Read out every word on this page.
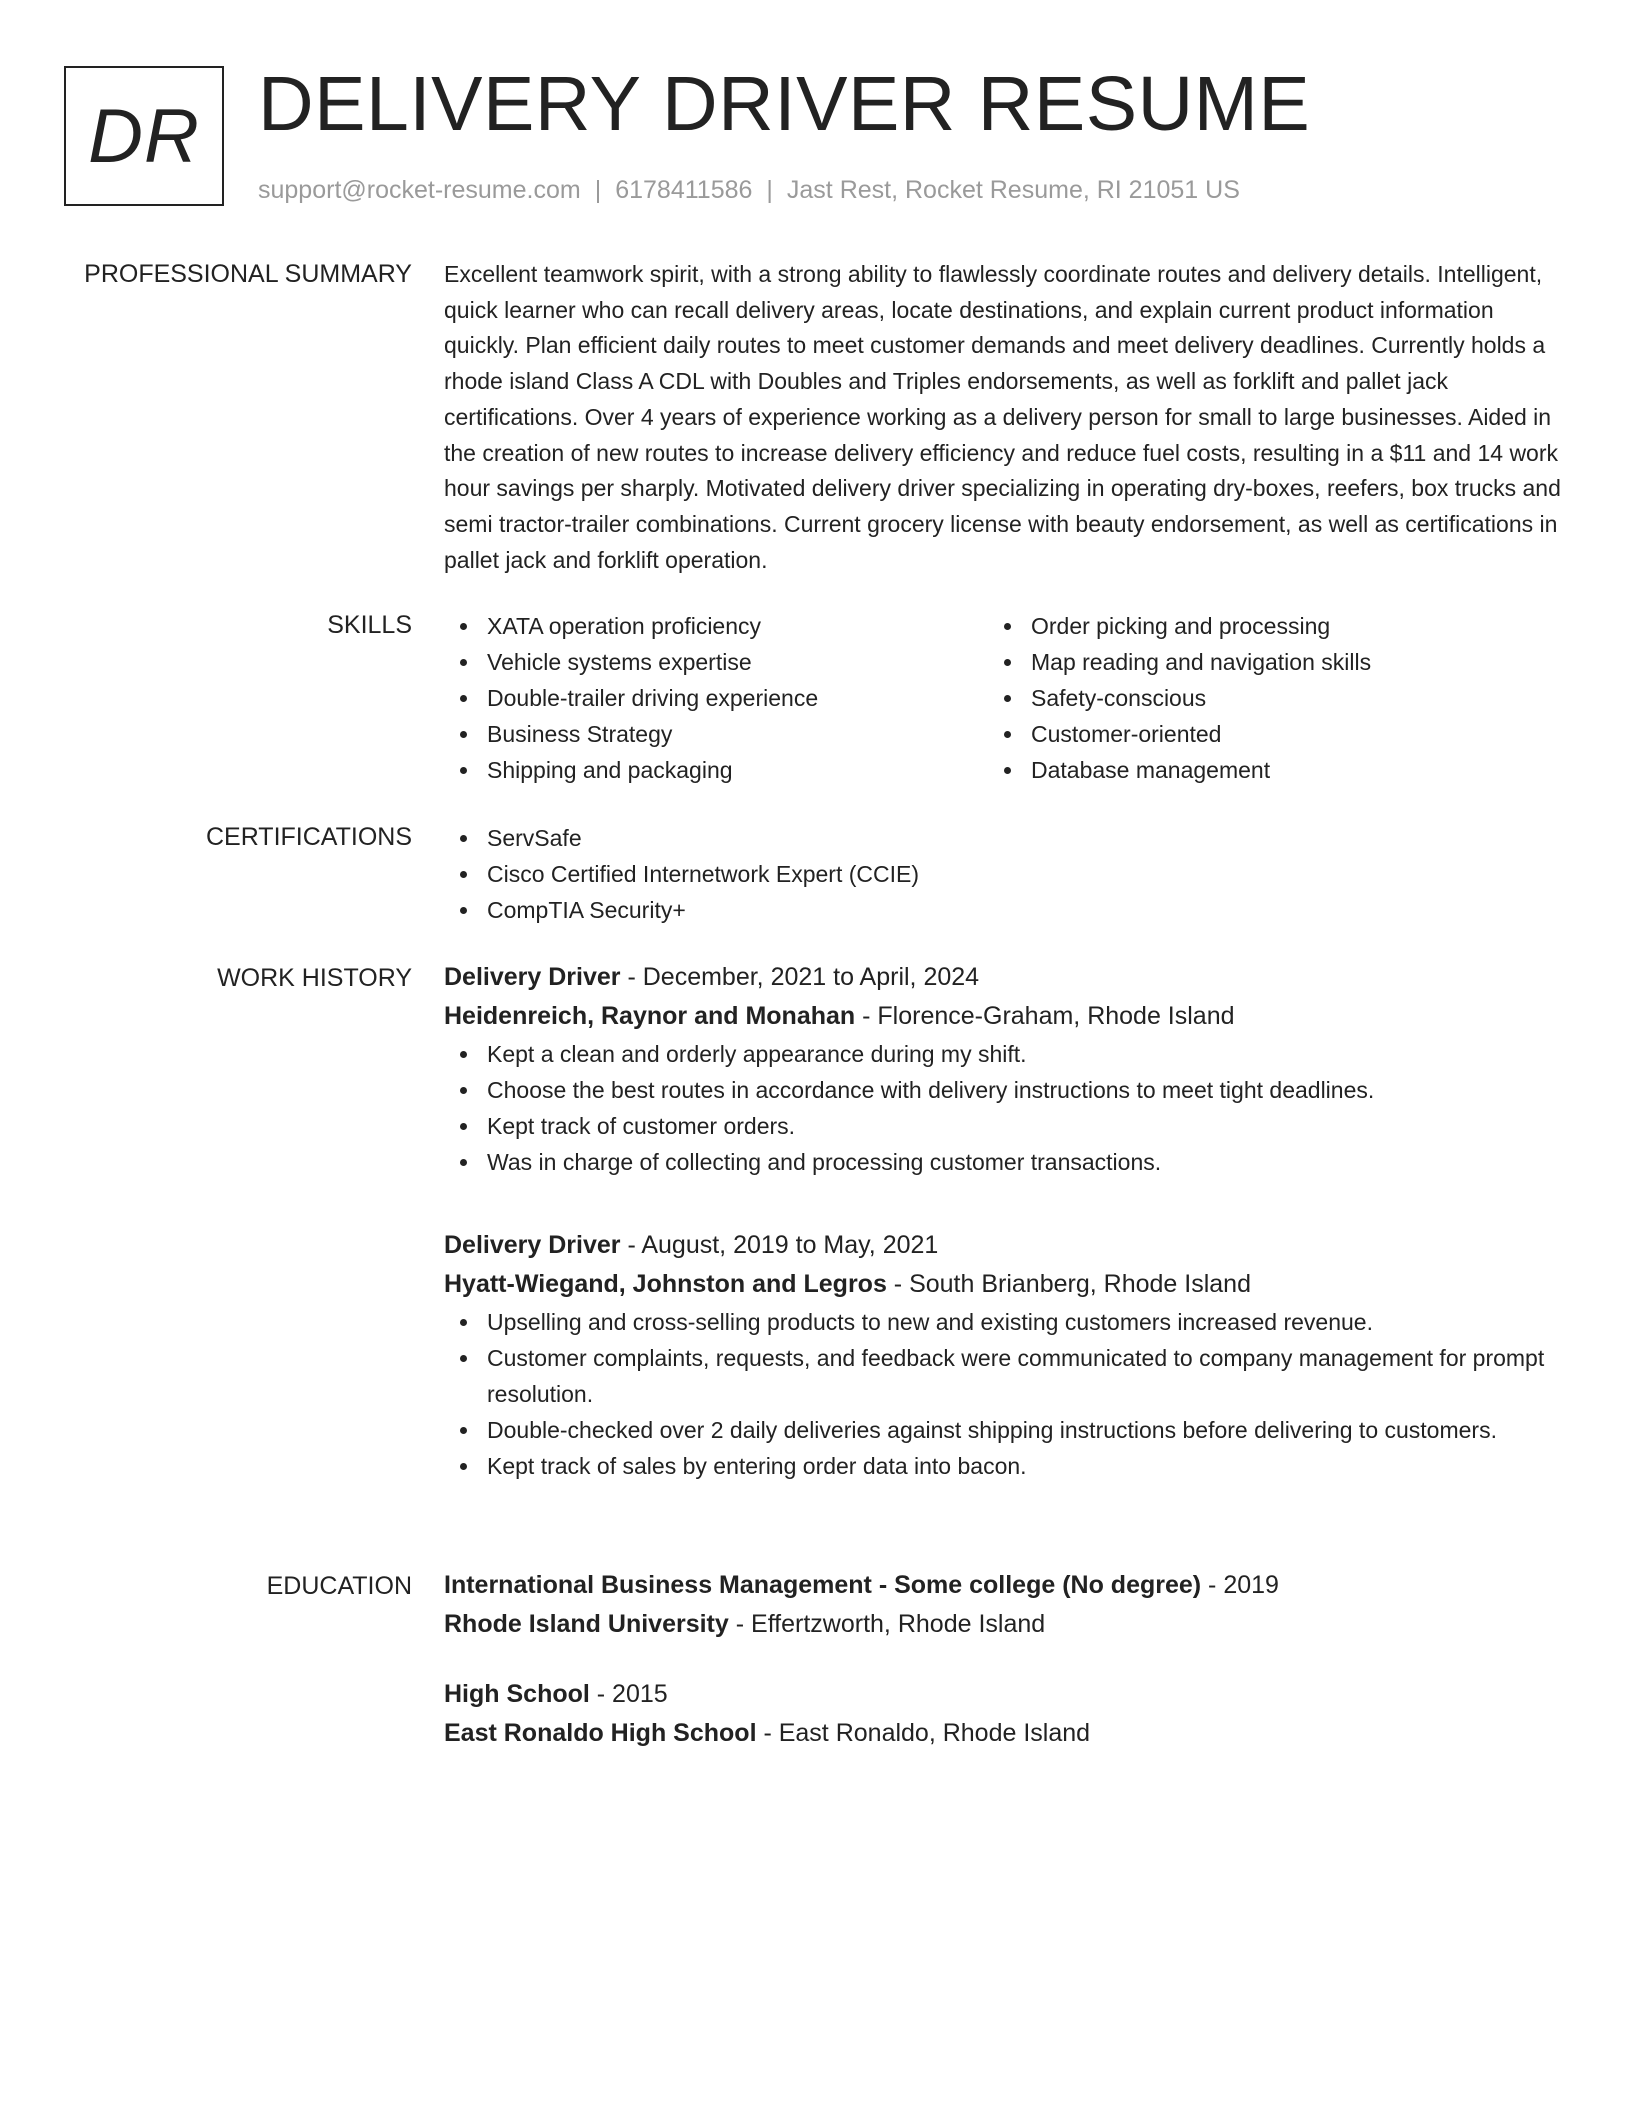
DR DELIVERY DRIVER RESUME
support@rocket-resume.com | 6178411586 | Jast Rest, Rocket Resume, RI 21051 US
PROFESSIONAL SUMMARY Excellent teamwork spirit, with a strong ability to flawlessly coordinate routes and delivery details. Intelligent, quick learner who can recall delivery areas, locate destinations, and explain current product information quickly. Plan efficient daily routes to meet customer demands and meet delivery deadlines. Currently holds a rhode island Class A CDL with Doubles and Triples endorsements, as well as forklift and pallet jack certifications. Over 4 years of experience working as a delivery person for small to large businesses. Aided in the creation of new routes to increase delivery efficiency and reduce fuel costs, resulting in a $11 and 14 work hour savings per sharply. Motivated delivery driver specializing in operating dry-boxes, reefers, box trucks and semi tractor-trailer combinations. Current grocery license with beauty endorsement, as well as certifications in pallet jack and forklift operation.

SKILLS	XATA operation proficiency
Vehicle systems expertise
Double-trailer driving experience
Business Strategy
Shipping and packaging
Order picking and processing
Map reading and navigation skills
Safety-conscious
Customer-oriented
Database management
CERTIFICATIONS	ServSafe
Cisco Certified Internetwork Expert (CCIE)
CompTIA Security+
WORK HISTORY Delivery Driver - December, 2021 to April, 2024
Heidenreich, Raynor and Monahan - Florence-Graham, Rhode Island
Kept a clean and orderly appearance during my shift.
Choose the best routes in accordance with delivery instructions to meet tight deadlines.
Kept track of customer orders.
Was in charge of collecting and processing customer transactions.
Delivery Driver - August, 2019 to May, 2021
Hyatt-Wiegand, Johnston and Legros - South Brianberg, Rhode Island
Upselling and cross-selling products to new and existing customers increased revenue.
Customer complaints, requests, and feedback were communicated to company management for prompt resolution.
Double-checked over 2 daily deliveries against shipping instructions before delivering to customers.
Kept track of sales by entering order data into bacon.
EDUCATION International Business Management - Some college (No degree) - 2019
Rhode Island University - Effertzworth, Rhode Island
High School - 2015
East Ronaldo High School - East Ronaldo, Rhode Island
